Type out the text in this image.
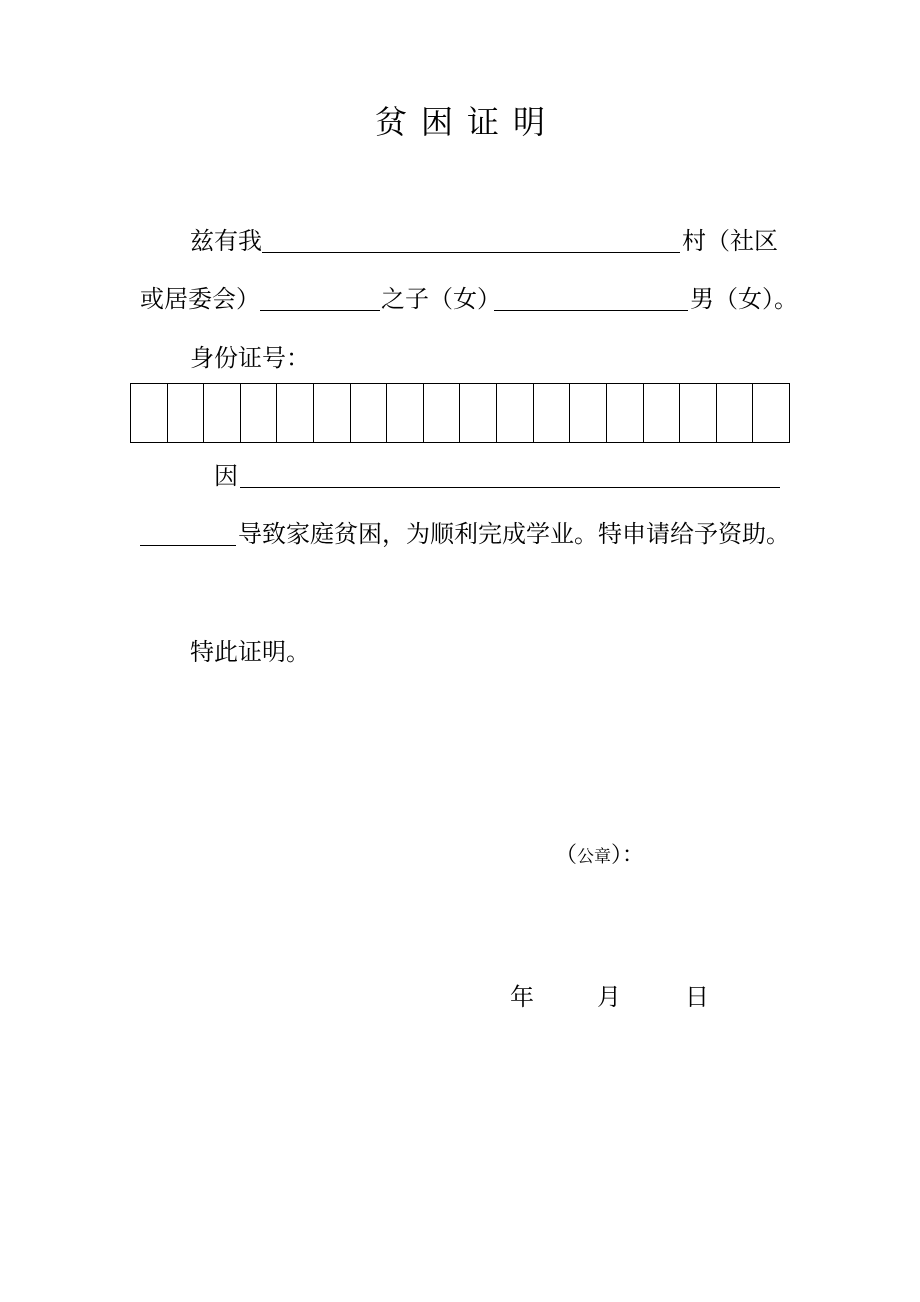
贫困证明
兹有我	村（社区
或居委会）	之子（女）	男（女）。
身份证号：
因
导致家庭贫困，为顺利完成学业。特申请给予资助。
特此证明。
（公章）：
年	月	日
